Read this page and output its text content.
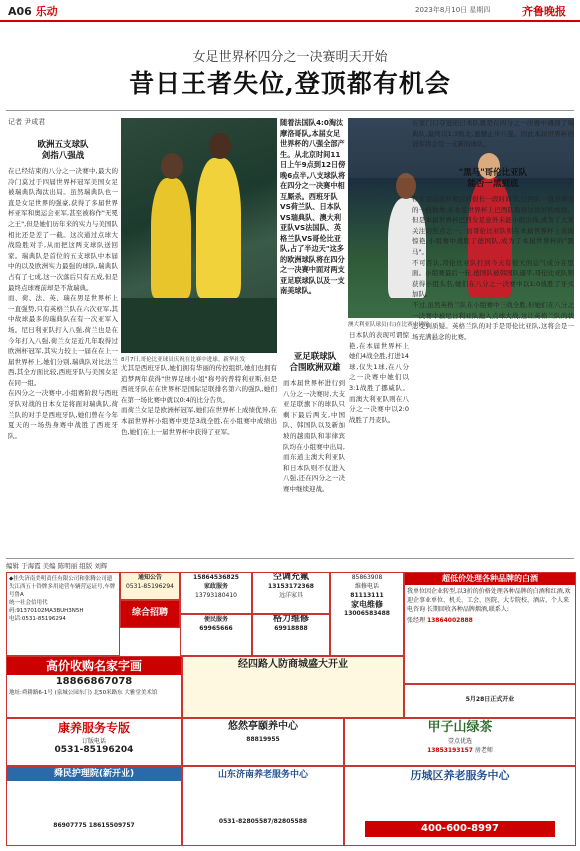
A06 乐动	2023年8月10日 星期四	齐鲁晚报
女足世界杯四分之一决赛明天开始
昔日王者失位,登顶都有机会
记者 尹成君
欧洲五支球队
剑指八强战
在已经结束的八分之一决赛中,最大的冷门莫过于四届世界杯冠军美国女足被瑞典队淘汰出局。虽然瑞典队也一直是女足世界的强豪,获得了多届世界杯亚军和奥运会亚军,甚至被称作"无冕之王",但是她们历年来的实力与美国队相比还是差了一截。这次通过点球大战险胜对手,从而把这两支球队送回家。瑞典队是首位的五支球队中本届中的以及欧洲实力最强的球队,瑞典队占有了七成,这一次落后只有五成,但是最终点球赛前却是不敌瑞典。
而、荷、法、英、瑞在男足世界杯上一直强势,只有英格兰队在六次亚军,其中故球最多的瑞典队在有一次亚军入场。尼日利亚队打入八强,荷兰也是在今年打入八强,荷兰女足近几年取得过欧洲杯冠军,其实力较上一届在在上一届世界杯上,她们分别,瑞典队对比法兰西,其全方面比较,西班牙队与美国女足在同一组。
在四分之一决赛中,小组赛阶段与西班牙队对战的日本女足将面对瑞典队,荷兰队的对手是西班牙队,她们曾在今年夏天的一场热身赛中战胜了西班牙队。
8月7日,哥伦比亚球员庆祝在比赛中进球。新华社发
随着法国队4:0淘汰摩洛哥队,本届女足世界杯的八强全部产生。从北京时间11日上午9点到12日傍晚6点半,八支球队将在四分之一决赛中相互厮杀。西班牙队VS荷兰队、日本队VS瑞典队、澳大利亚队VS法国队、英格兰队VS哥伦比亚队,占了半边天"这多的欧洲球队将在四分之一决赛中面对两支亚足联球队以及一支南美球队。
澳大利亚队球员(右)在比赛中拼抢。
尤其是西班牙队,她们拥有华丽的传控组织,她们也拥有追梦两年获得"世界足球小姐"称号的普特利亚斯,但是西班牙队在在世界杯是国际足联排名第六的强队,她们在第一场比赛中就以0:4的比分告负。
而荷兰女足是欧洲杯冠军,她们在世界杯上成绩优异,在本届世界杯小组赛中更是3战全胜,在小组赛中成绩出色,她们在上一届世界杯中获得了亚军。
亚足联球队
合围欧洲双雄
而本届世界杯进行到八分之一决赛时,大支亚足联旗下的球队只剩下最后两支,中国队、韩国队以及新加坡的越南队和菲律宾队均在小组赛中出局,而东道主澳大利亚队和日本队则不仅进入八强,还在四分之一决赛中继续迎战。
日本队的表现可谓惊艳,在本届世界杯上她们4战全胜,打进14球,仅失1球,在八分之一决赛中她们以3:1战胜了挪威队。而澳大利亚队则在八分之一决赛中以2:0战胜了丹麦队。
在家门口夺冠的日本队就是在四分之一决赛中遇到了瑞典队,最终以1:3败北,遗憾止步八强。因此本届世界杯的冠军将会是一支新的球队。
"黑马"哥伦比亚队
能否一黑到底
在女足运动开展后的很长一段时间里,巴西队一直是南美的一枝独秀,在女足世界杯上巴西队取得过很好的成绩。但是本届世界杯巴西女足意外未能小组出线,成为了大家关注的焦点之一。而哥伦比亚队则在本届世界杯上表现惊艳,小组赛中战胜了德国队,成为了本届世界杯的"黑马"。
不可否认,哥伦比亚队打到今天有很大的运气成分在里面。小组赛最后一轮,德国队被韩国队逼平,哥伦比亚队则获得小组头名,她们在八分之一决赛中以1:0战胜了牙买加队。
不过,虽然英格兰队在小组赛中三战全胜,但她们在八分之一决赛中被尼日利亚队拖入点球大战,这让英格兰队的状态受到质疑。英格兰队的对手是哥伦比亚队,这将会是一场充满悬念的比赛。
编辑 于海霞 美编 陈明丽 组版 刘辉
◆挂失济南美明责任有限公司和张腾公司遗失江西五十铃牌多用途营车辆营运证号,车牌号鲁A
统一社会信用代码:91370102MA3BUH3N5H
电话:0531-85196294
通知公告
0531-85196294
综合招聘
15864536825
家政服务
13793180410
便民服务
69965666
空调充氟
13153172368
远洋家具
格力维修
69918888
85863908
维修电话
81113111
家电维修
13006583488
超低价处理各种品牌的白酒
我单位因企业转型,以3折的价格处理各种品牌的白酒和红酒,欢迎企事业单位、机关、工会、医院、大专院校、酒店、个人来电咨询 长期回收各种品牌烟酒,联系人:
张经理 13864002888
高价收购名家字画
18866867078
地址:舜耕路6-1号 (泉城公园东门) 北50米路东 大雅堂美术馆
经四路人防商城盛大开业
5月28日正式开业
康养服务专版
订版电话
0531-85196204
悠然亭颐养中心
88819955
甲子山绿茶
壹点优选
13853193157 房老师
舜民护理院(新开业)
86907775 18615509757
山东济南养老服务中心
0531-82805587/82805588
历城区养老服务中心
400-600-8997
